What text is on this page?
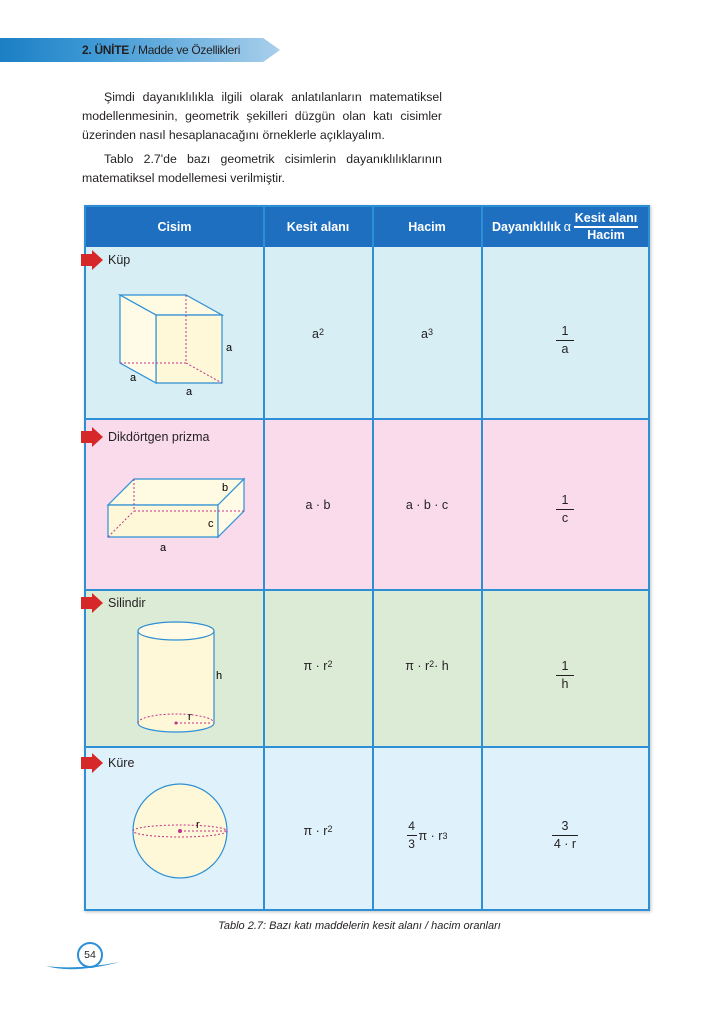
2. ÜNİTE / Madde ve Özellikleri

Şimdi dayanıklılıkla ilgili olarak anlatılanların matematiksel modellenmesinin, geometrik şekilleri düzgün olan katı cisimler üzerinden nasıl hesaplanacağını örneklerle açıklayalım.

Tablo 2.7'de bazı geometrik cisimlerin dayanıklılıklarının matematiksel modellemesi verilmiştir.

Cisim	Kesit alanı	Hacim	Dayanıklılık α
Kesit alanı
Hacim
Küp
a
a
a
a 2	a 3	$\frac{1}{a}$
Dikdörtgen prizma
a
b
c
a · b	a · b · c	$\frac{1}{c}$
Silindir
h
r
π · r 2	π · r 2 · h	$\frac{1}{h}$
Küre
r	π · r 2	$\frac{4}{3}$ π · r 3	$\frac{3}{4 \cdot r}$
Tablo 2.7: Bazı katı maddelerin kesit alanı / hacim oranları
54
